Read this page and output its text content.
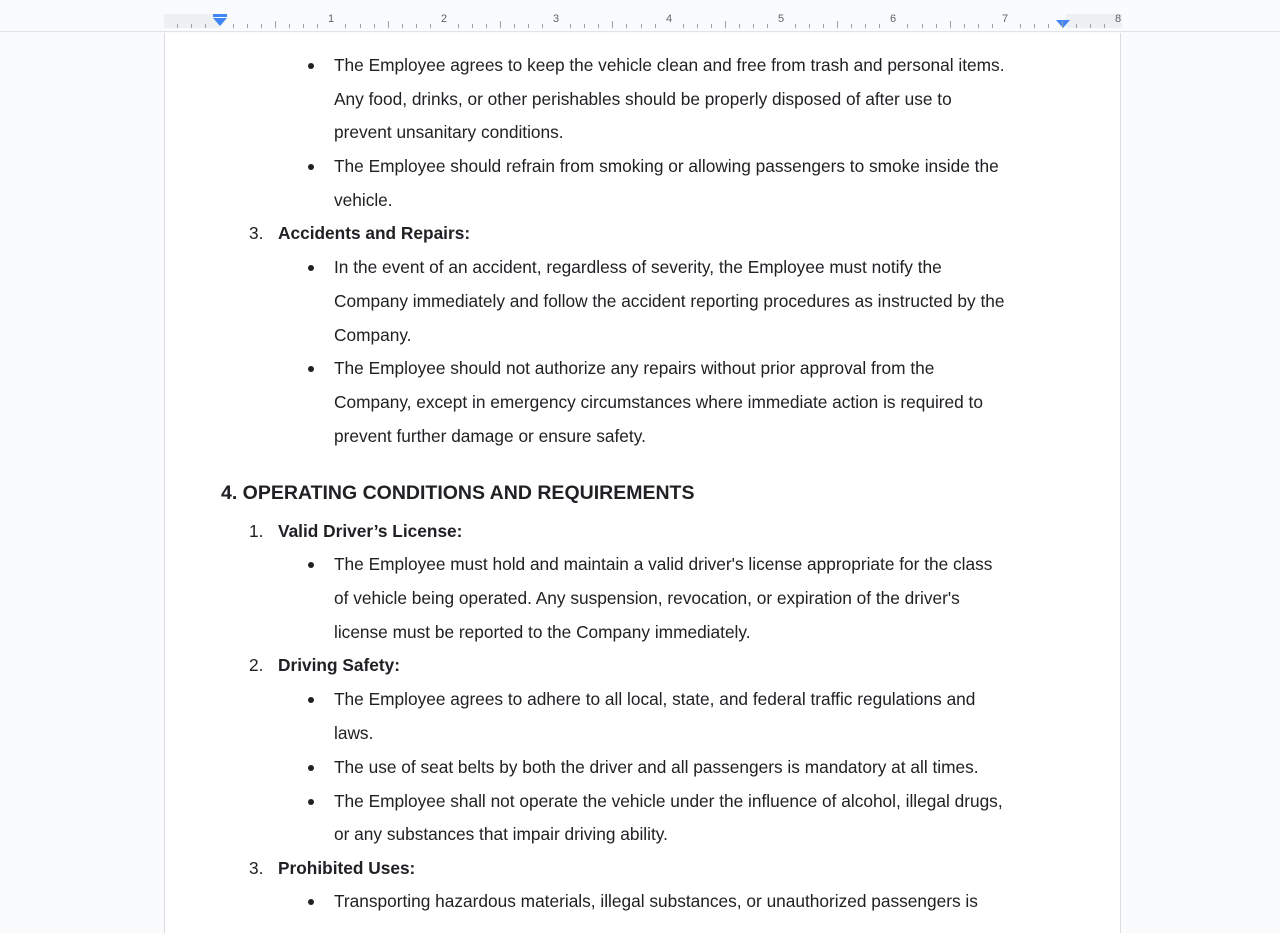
1	2	3	4	5	6	7	8
The Employee agrees to keep the vehicle clean and free from trash and personal items.
Any food, drinks, or other perishables should be properly disposed of after use to
prevent unsanitary conditions.
The Employee should refrain from smoking or allowing passengers to smoke inside the
vehicle.
3. Accidents and Repairs:
In the event of an accident, regardless of severity, the Employee must notify the
Company immediately and follow the accident reporting procedures as instructed by the
Company.
The Employee should not authorize any repairs without prior approval from the
Company, except in emergency circumstances where immediate action is required to
prevent further damage or ensure safety.
4. OPERATING CONDITIONS AND REQUIREMENTS
1. Valid Driver’s License:
The Employee must hold and maintain a valid driver's license appropriate for the class
of vehicle being operated. Any suspension, revocation, or expiration of the driver's
license must be reported to the Company immediately.
2. Driving Safety:
The Employee agrees to adhere to all local, state, and federal traffic regulations and
laws.
The use of seat belts by both the driver and all passengers is mandatory at all times.
The Employee shall not operate the vehicle under the influence of alcohol, illegal drugs,
or any substances that impair driving ability.
3. Prohibited Uses:
Transporting hazardous materials, illegal substances, or unauthorized passengers is
